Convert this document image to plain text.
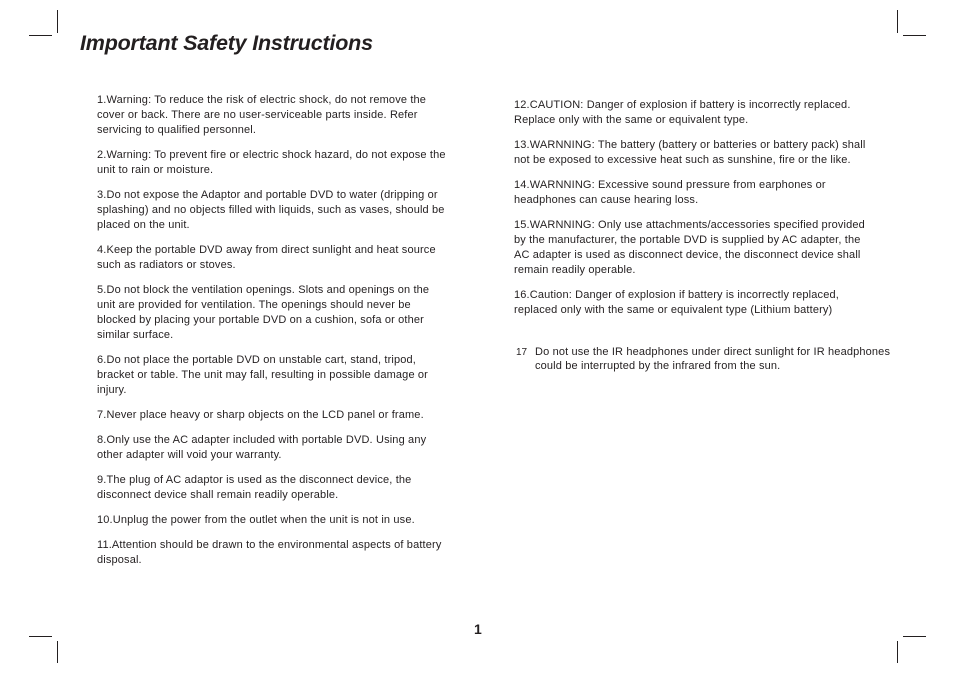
Important Safety Instructions

1.Warning: To reduce the risk of electric shock, do not remove the cover or back. There are no user-serviceable parts inside. Refer servicing to qualified personnel.

2.Warning: To prevent fire or electric shock hazard, do not expose the unit to rain or moisture.

3.Do not expose the Adaptor and portable DVD to water (dripping or splashing) and no objects filled with liquids, such as vases, should be placed on the unit.

4.Keep the portable DVD away from direct sunlight and heat source such as radiators or stoves.

5.Do not block the ventilation openings. Slots and openings on the unit are provided for ventilation. The openings should never be blocked by placing your portable DVD on a cushion, sofa or other similar surface.

6.Do not place the portable DVD on unstable cart, stand, tripod, bracket or table. The unit may fall, resulting in possible damage or injury.

7.Never place heavy or sharp objects on the LCD panel or frame.

8.Only use the AC adapter included with portable DVD. Using any other adapter will void your warranty.

9.The plug of AC adaptor is used as the disconnect device, the disconnect device shall remain readily operable.

10.Unplug the power from the outlet when the unit is not in use.

11.Attention should be drawn to the environmental aspects of battery disposal.

12.CAUTION: Danger of explosion if battery is incorrectly replaced. Replace only with the same or equivalent type.

13.WARNNING: The battery (battery or batteries or battery pack) shall not be exposed to excessive heat such as sunshine, fire or the like.

14.WARNNING: Excessive sound pressure from earphones or headphones can cause hearing loss.

15.WARNNING: Only use attachments/accessories specified provided by the manufacturer, the portable DVD is supplied by AC adapter, the AC adapter is used as disconnect device, the disconnect device shall remain readily operable.

16.Caution: Danger of explosion if battery is incorrectly replaced, replaced only with the same or equivalent type (Lithium battery)

17 Do not use the IR headphones under direct sunlight for IR headphones could be interrupted by the infrared from the sun.
1
